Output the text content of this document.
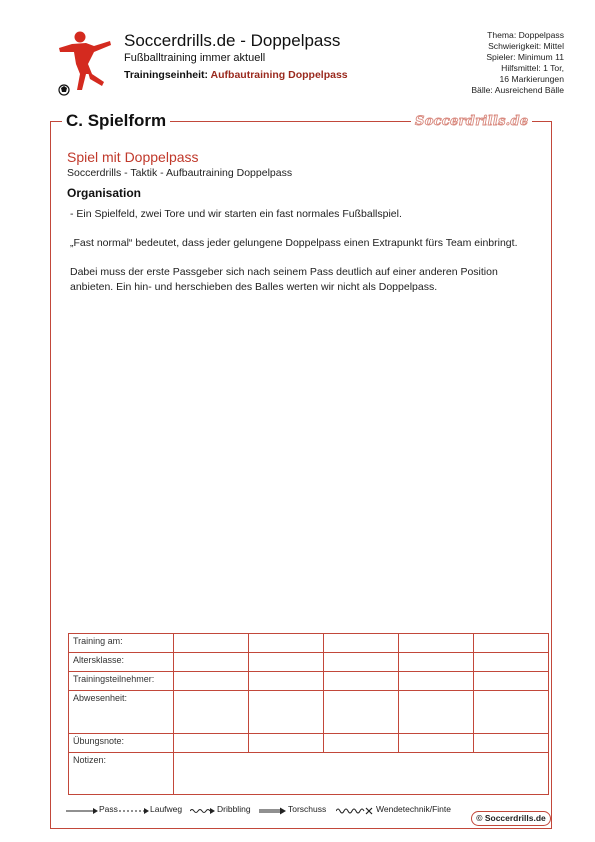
Soccerdrills.de - Doppelpass
Fußballtraining immer aktuell
Trainingseinheit: Aufbautraining Doppelpass
Thema: Doppelpass
Schwierigkeit: Mittel
Spieler: Minimum 11
Hilfsmittel: 1 Tor,
16 Markierungen
Bälle: Ausreichend Bälle
C. Spielform	Soccerdrills.de
Spiel mit Doppelpass
Soccerdrills - Taktik - Aufbautraining Doppelpass
Organisation

- Ein Spielfeld, zwei Tore und wir starten ein fast normales Fußballspiel.

„Fast normal“ bedeutet, dass jeder gelungene Doppelpass einen Extrapunkt fürs Team einbringt.

Dabei muss der erste Passgeber sich nach seinem Pass deutlich auf einer anderen Position anbieten. Ein hin- und herschieben des Balles werten wir nicht als Doppelpass.

Training am:					
Altersklasse:					
Trainingsteilnehmer:					
Abwesenheit:					
Übungsnote:					
Notizen:					
Pass	Laufweg	Dribbling	Torschuss	Wendetechnik/Finte
© Soccerdrills.de
